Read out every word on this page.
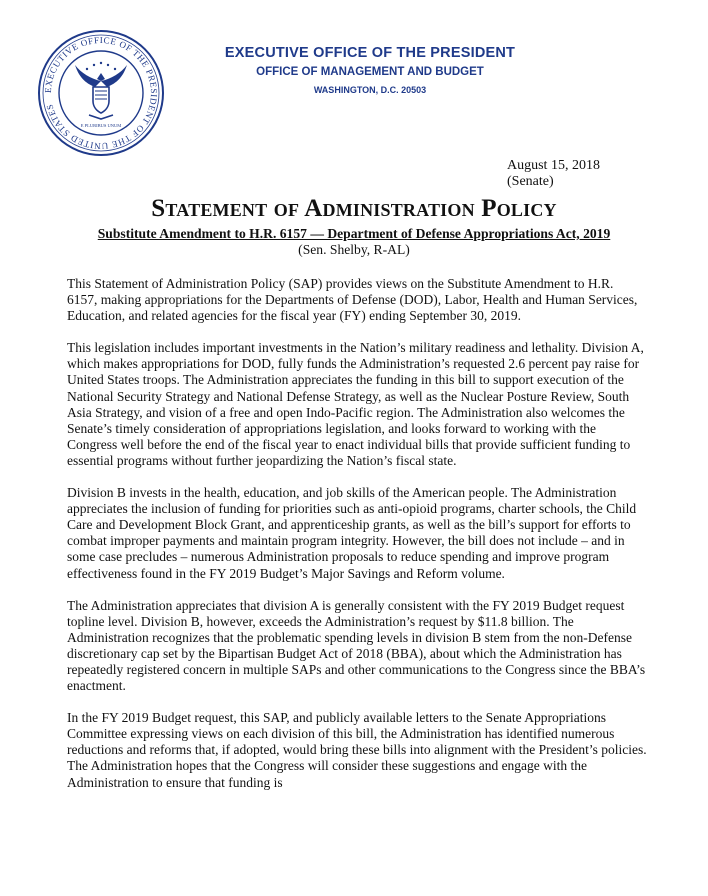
EXECUTIVE OFFICE OF THE PRESIDENT OF THE UNITED STATES
E PLURIBUS UNUM
EXECUTIVE OFFICE OF THE PRESIDENT
OFFICE OF MANAGEMENT AND BUDGET
WASHINGTON, D.C. 20503
August 15, 2018
(Senate)
Statement of Administration Policy
Substitute Amendment to H.R. 6157 — Department of Defense Appropriations Act, 2019
(Sen. Shelby, R-AL)

This Statement of Administration Policy (SAP) provides views on the Substitute Amendment to H.R. 6157, making appropriations for the Departments of Defense (DOD), Labor, Health and Human Services, Education, and related agencies for the fiscal year (FY) ending September 30, 2019.

This legislation includes important investments in the Nation’s military readiness and lethality. Division A, which makes appropriations for DOD, fully funds the Administration’s requested 2.6 percent pay raise for United States troops. The Administration appreciates the funding in this bill to support execution of the National Security Strategy and National Defense Strategy, as well as the Nuclear Posture Review, South Asia Strategy, and vision of a free and open Indo-Pacific region. The Administration also welcomes the Senate’s timely consideration of appropriations legislation, and looks forward to working with the Congress well before the end of the fiscal year to enact individual bills that provide sufficient funding to essential programs without further jeopardizing the Nation’s fiscal state.

Division B invests in the health, education, and job skills of the American people. The Administration appreciates the inclusion of funding for priorities such as anti-opioid programs, charter schools, the Child Care and Development Block Grant, and apprenticeship grants, as well as the bill’s support for efforts to combat improper payments and maintain program integrity. However, the bill does not include – and in some case precludes – numerous Administration proposals to reduce spending and improve program effectiveness found in the FY 2019 Budget’s Major Savings and Reform volume.

The Administration appreciates that division A is generally consistent with the FY 2019 Budget request topline level. Division B, however, exceeds the Administration’s request by $11.8 billion. The Administration recognizes that the problematic spending levels in division B stem from the non-Defense discretionary cap set by the Bipartisan Budget Act of 2018 (BBA), about which the Administration has repeatedly registered concern in multiple SAPs and other communications to the Congress since the BBA’s enactment.

In the FY 2019 Budget request, this SAP, and publicly available letters to the Senate Appropriations Committee expressing views on each division of this bill, the Administration has identified numerous reductions and reforms that, if adopted, would bring these bills into alignment with the President’s policies. The Administration hopes that the Congress will consider these suggestions and engage with the Administration to ensure that funding is
